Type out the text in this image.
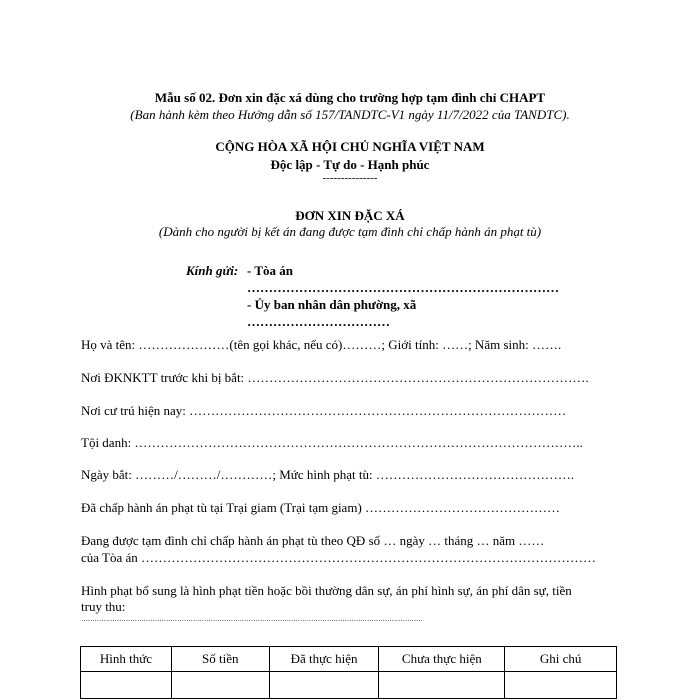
Mẫu số 02. Đơn xin đặc xá dùng cho trường hợp tạm đình chỉ CHAPT
(Ban hành kèm theo Hướng dẫn số 157/TANDTC-V1 ngày 11/7/2022 của TANDTC).
CỘNG HÒA XÃ HỘI CHỦ NGHĨA VIỆT NAM
Độc lập - Tự do - Hạnh phúc
---------------
ĐƠN XIN ĐẶC XÁ
(Dành cho người bị kết án đang được tạm đình chỉ chấp hành án phạt tù)
Kính gửi: - Tòa án
………………………………………………………………
- Ủy ban nhân dân phường, xã
……………………………
Họ và tên: …………………(tên gọi khác, nếu có)………; Giới tính: ……; Năm sinh: …….
Nơi ĐKNKTT trước khi bị bắt: …………………………………………………………………….
Nơi cư trú hiện nay: ……………………………………………………………………………
Tội danh: …………………………………………………………………………………………..
Ngày bắt: ………/………/…………; Mức hình phạt tù: ……………………………………….
Đã chấp hành án phạt tù tại Trại giam (Trại tạm giam) ………………………………………
Đang được tạm đình chỉ chấp hành án phạt tù theo QĐ số … ngày … tháng … năm ……
của Tòa án ……………………………………………………………………………………………
Hình phạt bổ sung là hình phạt tiền hoặc bồi thường dân sự, án phí hình sự, án phí dân sự, tiền
truy thu:
………………………………………………………………………………………………………………………………………
Hình thức	Số tiền	Đã thực hiện	Chưa thực hiện	Ghi chú
